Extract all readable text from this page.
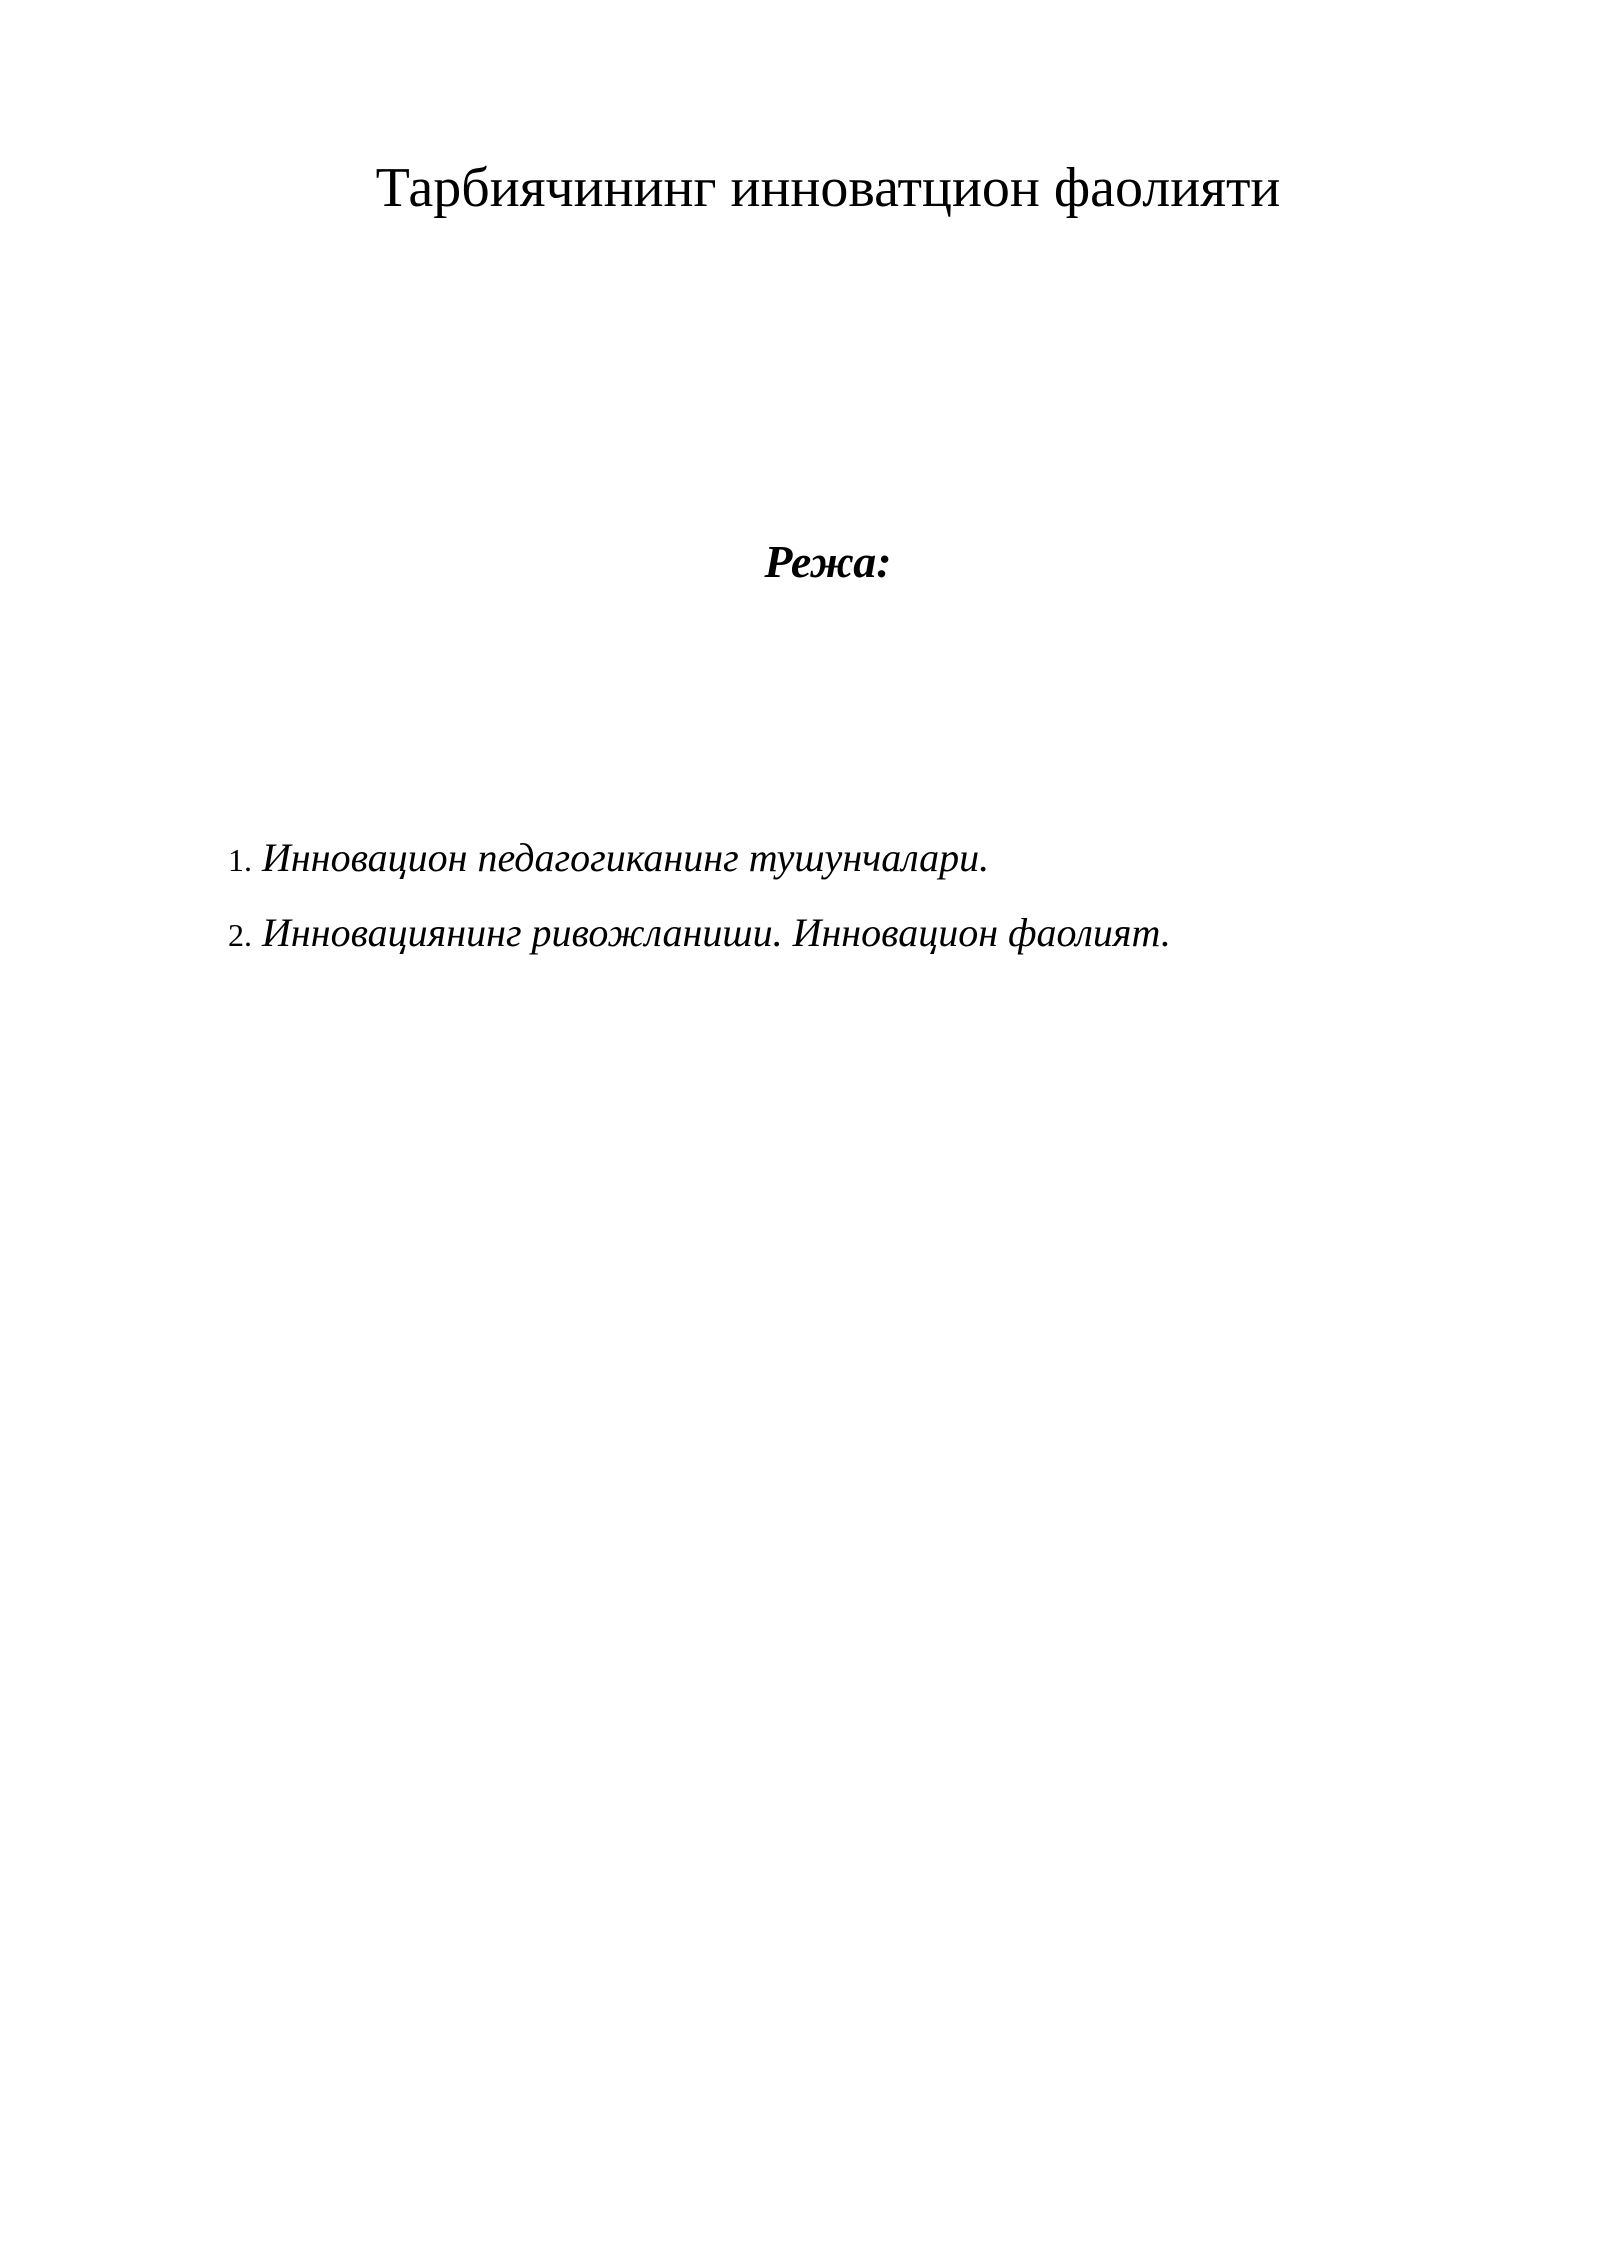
Тарбиячининг инноватцион фаолияти
Режа:
1. Инновацион педагогиканинг тушунчалари.
2. Инновациянинг ривожланиши. Инновацион фаолият.
